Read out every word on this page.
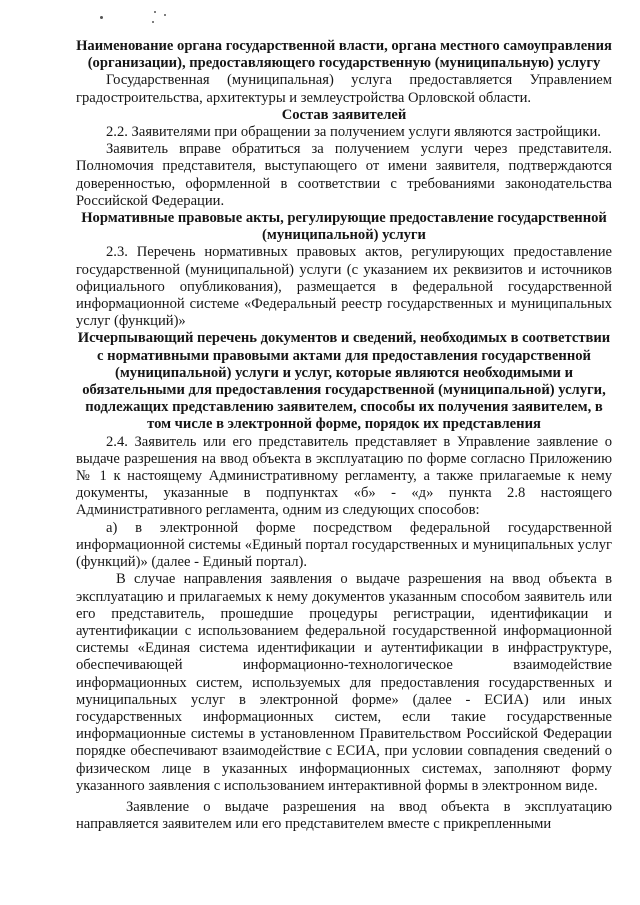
Наименование органа государственной власти, органа местного самоуправления (организации), предоставляющего государственную (муниципальную) услугу

Государственная (муниципальная) услуга предоставляется Управлением градостроительства, архитектуры и землеустройства Орловской области.

Состав заявителей

2.2. Заявителями при обращении за получением услуги являются застройщики.

Заявитель вправе обратиться за получением услуги через представителя. Полномочия представителя, выступающего от имени заявителя, подтверждаются доверенностью, оформленной в соответствии с требованиями законодательства Российской Федерации.

Нормативные правовые акты, регулирующие предоставление государственной (муниципальной) услуги

2.3. Перечень нормативных правовых актов, регулирующих предоставление государственной (муниципальной) услуги (с указанием их реквизитов и источников официального опубликования), размещается в федеральной государственной информационной системе «Федеральный реестр государственных и муниципальных услуг (функций)»

Исчерпывающий перечень документов и сведений, необходимых в соответствии с нормативными правовыми актами для предоставления государственной (муниципальной) услуги и услуг, которые являются необходимыми и обязательными для предоставления государственной (муниципальной) услуги, подлежащих представлению заявителем, способы их получения заявителем, в том числе в электронной форме, порядок их представления

2.4. Заявитель или его представитель представляет в Управление заявление о выдаче разрешения на ввод объекта в эксплуатацию по форме согласно Приложению № 1 к настоящему Административному регламенту, а также прилагаемые к нему документы, указанные в подпунктах «б» - «д» пункта 2.8 настоящего Административного регламента, одним из следующих способов:

а) в электронной форме посредством федеральной государственной информационной системы «Единый портал государственных и муниципальных услуг (функций)» (далее - Единый портал).

В случае направления заявления о выдаче разрешения на ввод объекта в эксплуатацию и прилагаемых к нему документов указанным способом заявитель или его представитель, прошедшие процедуры регистрации, идентификации и аутентификации с использованием федеральной государственной информационной системы «Единая система идентификации и аутентификации в инфраструктуре, обеспечивающей информационно-технологическое взаимодействие информационных систем, используемых для предоставления государственных и муниципальных услуг в электронной форме» (далее - ЕСИА) или иных государственных информационных систем, если такие государственные информационные системы в установленном Правительством Российской Федерации порядке обеспечивают взаимодействие с ЕСИА, при условии совпадения сведений о физическом лице в указанных информационных системах, заполняют форму указанного заявления с использованием интерактивной формы в электронном виде.

Заявление о выдаче разрешения на ввод объекта в эксплуатацию направляется заявителем или его представителем вместе с прикрепленными
